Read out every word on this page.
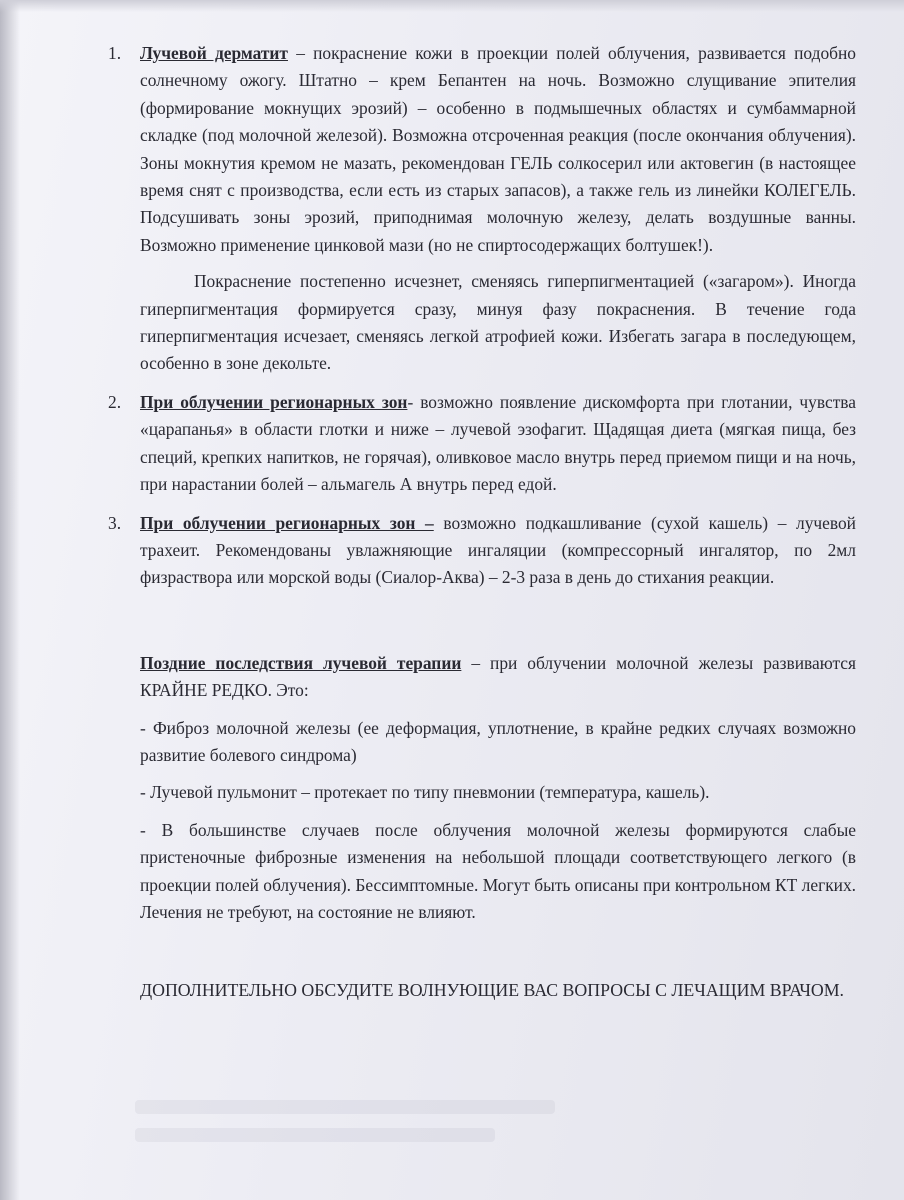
1.	Лучевой дерматит – покраснение кожи в проекции полей облучения, развивается подобно солнечному ожогу. Штатно – крем Бепантен на ночь. Возможно слущивание эпителия (формирование мокнущих эрозий) – особенно в подмышечных областях и сумбаммарной складке (под молочной железой). Возможна отсроченная реакция (после окончания облучения). Зоны мокнутия кремом не мазать, рекомендован ГЕЛЬ солкосерил или актовегин (в настоящее время снят с производства, если есть из старых запасов), а также гель из линейки КОЛЕГЕЛЬ. Подсушивать зоны эрозий, приподнимая молочную железу, делать воздушные ванны. Возможно применение цинковой мази (но не спиртосодержащих болтушек!).

Покраснение постепенно исчезнет, сменяясь гиперпигментацией («загаром»). Иногда гиперпигментация формируется сразу, минуя фазу покраснения. В течение года гиперпигментация исчезает, сменяясь легкой атрофией кожи. Избегать загара в последующем, особенно в зоне декольте.

2.	При облучении регионарных зон- возможно появление дискомфорта при глотании, чувства «царапанья» в области глотки и ниже – лучевой эзофагит. Щадящая диета (мягкая пища, без специй, крепких напитков, не горячая), оливковое масло внутрь перед приемом пищи и на ночь, при нарастании болей – альмагель А внутрь перед едой.

3.	При облучении регионарных зон – возможно подкашливание (сухой кашель) – лучевой трахеит. Рекомендованы увлажняющие ингаляции (компрессорный ингалятор, по 2мл физраствора или морской воды (Сиалор-Аква) – 2-3 раза в день до стихания реакции.

Поздние последствия лучевой терапии – при облучении молочной железы развиваются КРАЙНЕ РЕДКО. Это:

- Фиброз молочной железы (ее деформация, уплотнение, в крайне редких случаях возможно развитие болевого синдрома)

- Лучевой пульмонит – протекает по типу пневмонии (температура, кашель).

- В большинстве случаев после облучения молочной железы формируются слабые пристеночные фиброзные изменения на небольшой площади соответствующего легкого (в проекции полей облучения). Бессимптомные. Могут быть описаны при контрольном КТ легких. Лечения не требуют, на состояние не влияют.

ДОПОЛНИТЕЛЬНО ОБСУДИТЕ ВОЛНУЮЩИЕ ВАС ВОПРОСЫ С ЛЕЧАЩИМ ВРАЧОМ.
